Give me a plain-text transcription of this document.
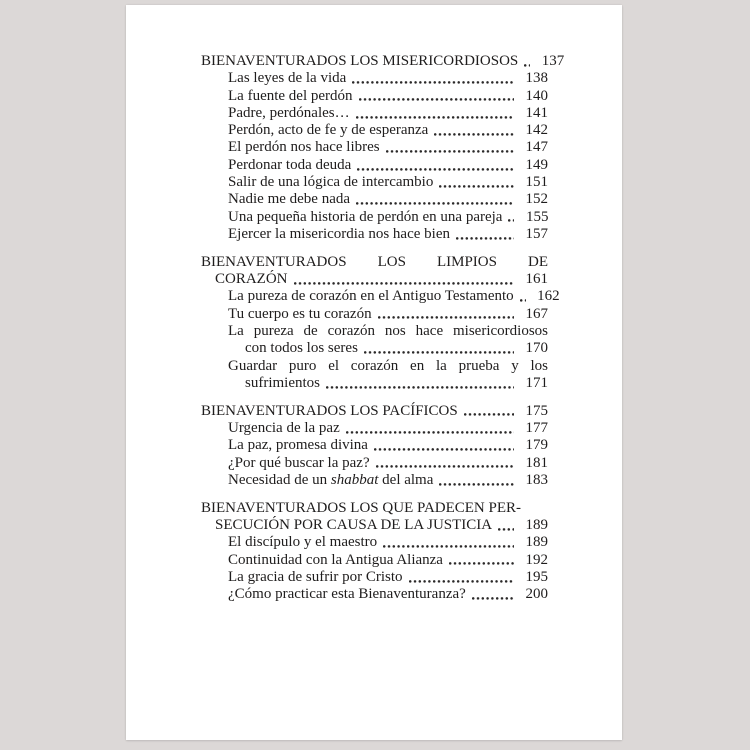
BIENAVENTURADOS LOS MISERICORDIOSOS	137
Las leyes de la vida	138
La fuente del perdón	140
Padre, perdónales…	141
Perdón, acto de fe y de esperanza	142
El perdón nos hace libres	147
Perdonar toda deuda	149
Salir de una lógica de intercambio	151
Nadie me debe nada	152
Una pequeña historia de perdón en una pareja	155
Ejercer la misericordia nos hace bien	157
BIENAVENTURADOS LOS LIMPIOS DE
CORAZÓN	161
La pureza de corazón en el Antiguo Testamento	162
Tu cuerpo es tu corazón	167
La pureza de corazón nos hace misericordiosos
con todos los seres	170
Guardar puro el corazón en la prueba y los
sufrimientos	171
BIENAVENTURADOS LOS PACÍFICOS	175
Urgencia de la paz	177
La paz, promesa divina	179
¿Por qué buscar la paz?	181
Necesidad de un shabbat del alma	183
BIENAVENTURADOS LOS QUE PADECEN PER-
SECUCIÓN POR CAUSA DE LA JUSTICIA	189
El discípulo y el maestro	189
Continuidad con la Antigua Alianza	192
La gracia de sufrir por Cristo	195
¿Cómo practicar esta Bienaventuranza?	200
